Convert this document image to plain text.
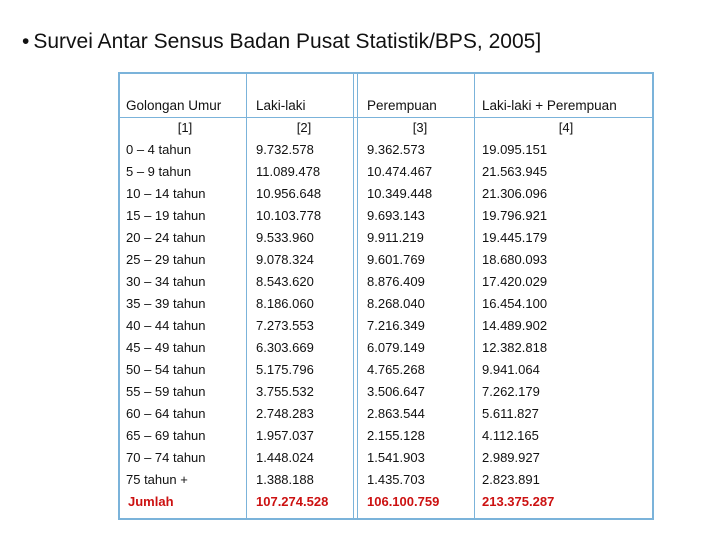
• Survei Antar Sensus Badan Pusat Statistik/BPS, 2005]
Golongan Umur	Laki-laki	Perempuan	Laki-laki + Perempuan
[1]	[2]	[3]	[4]
0 – 4 tahun	9.732.578	9.362.573	19.095.151
5 – 9 tahun	11.089.478	10.474.467	21.563.945
10 – 14 tahun	10.956.648	10.349.448	21.306.096
15 – 19 tahun	10.103.778	9.693.143	19.796.921
20 – 24 tahun	9.533.960	9.911.219	19.445.179
25 – 29 tahun	9.078.324	9.601.769	18.680.093
30 – 34 tahun	8.543.620	8.876.409	17.420.029
35 – 39 tahun	8.186.060	8.268.040	16.454.100
40 – 44 tahun	7.273.553	7.216.349	14.489.902
45 – 49 tahun	6.303.669	6.079.149	12.382.818
50 – 54 tahun	5.175.796	4.765.268	9.941.064
55 – 59 tahun	3.755.532	3.506.647	7.262.179
60 – 64 tahun	2.748.283	2.863.544	5.611.827
65 – 69 tahun	1.957.037	2.155.128	4.112.165
70 – 74 tahun	1.448.024	1.541.903	2.989.927
75 tahun +	1.388.188	1.435.703	2.823.891
Jumlah	107.274.528	106.100.759	213.375.287
